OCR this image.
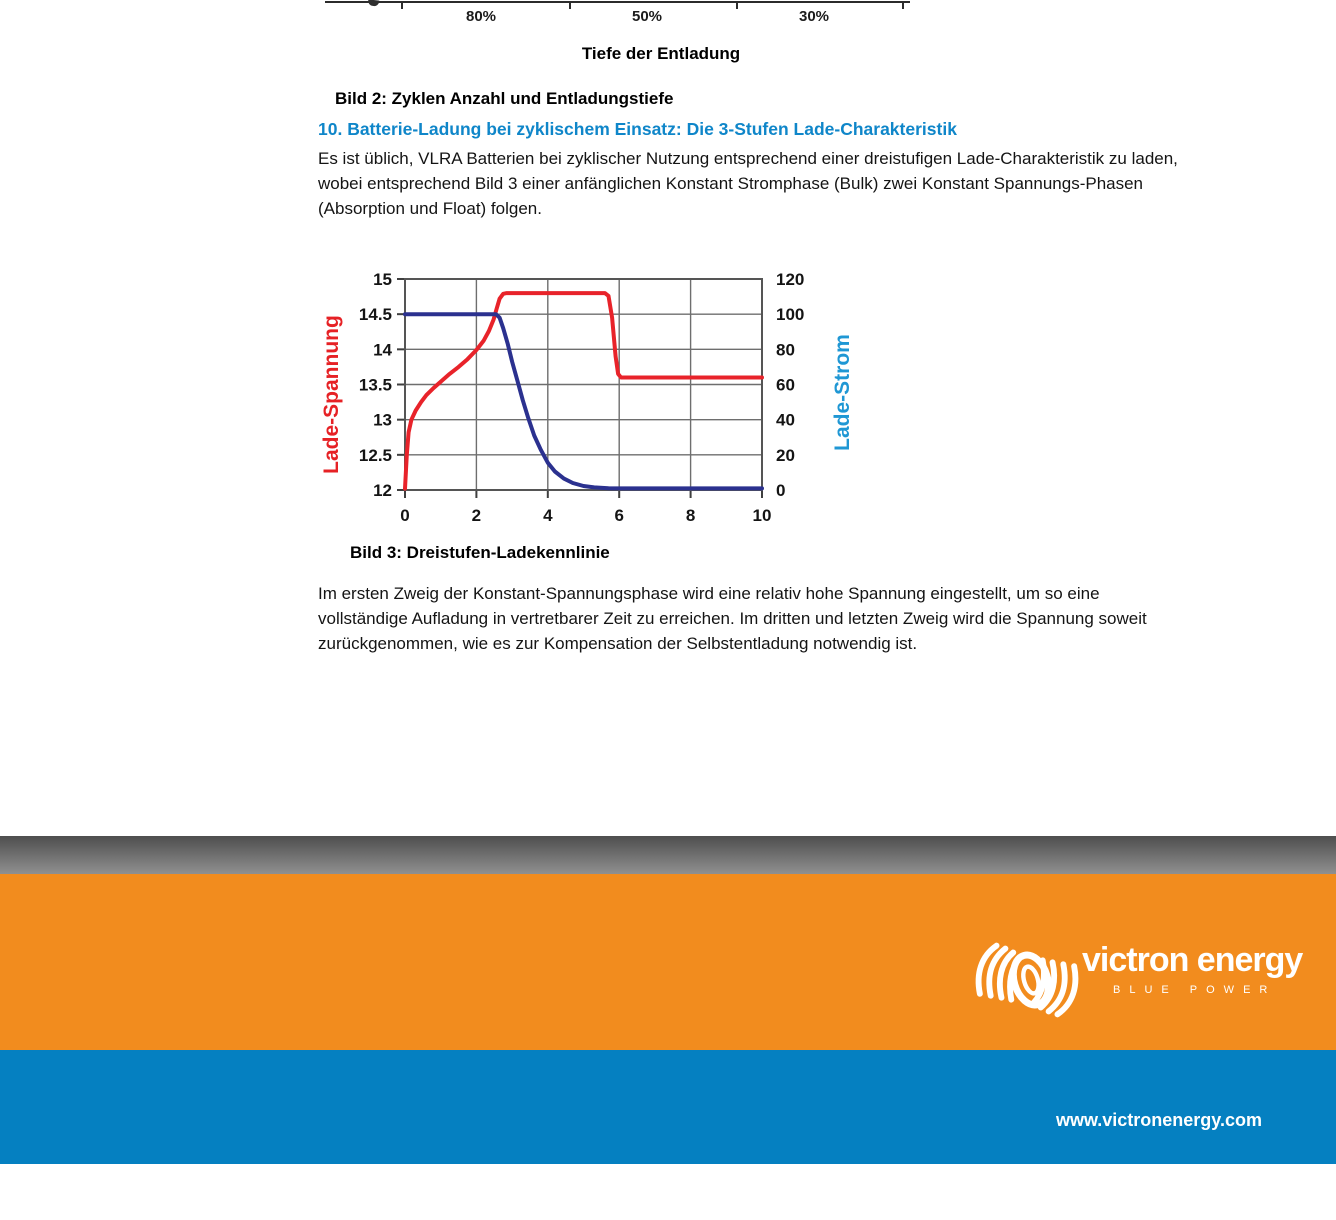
80%	50%	30%
Tiefe der Entladung
Bild 2: Zyklen Anzahl und Entladungstiefe
10. Batterie-Ladung bei zyklischem Einsatz: Die 3-Stufen Lade-Charakteristik
Es ist üblich, VLRA Batterien bei zyklischer Nutzung entsprechend einer dreistufigen Lade-Charakteristik zu laden,
wobei entsprechend Bild 3 einer anfänglichen Konstant Stromphase (Bulk) zwei Konstant Spannungs-Phasen
(Absorption und Float) folgen.
12
12.5
13
13.5
14
14.5
15
0
20
40
60
80
100
120
0	2	4	6	8	10
Lade-Spannung	Lade-Strom
Bild 3: Dreistufen-Ladekennlinie
Im ersten Zweig der Konstant-Spannungsphase wird eine relativ hohe Spannung eingestellt, um so eine
vollständige Aufladung in vertretbarer Zeit zu erreichen. Im dritten und letzten Zweig wird die Spannung soweit
zurückgenommen, wie es zur Kompensation der Selbstentladung notwendig ist.
victron energy
BLUE POWER
www.victronenergy.com
